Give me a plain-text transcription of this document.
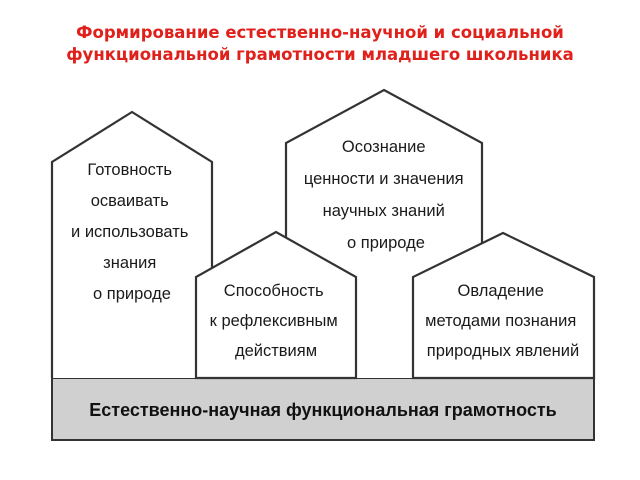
Формирование естественно-научной и социальной
функциональной грамотности младшего школьника
Естественно-научная функциональная грамотность
Готовность осваивать и использовать знания о природе
Осознание ценности и значения научных знаний о природе
Способность к рефлексивным действиям
Овладение методами познания природных явлений
